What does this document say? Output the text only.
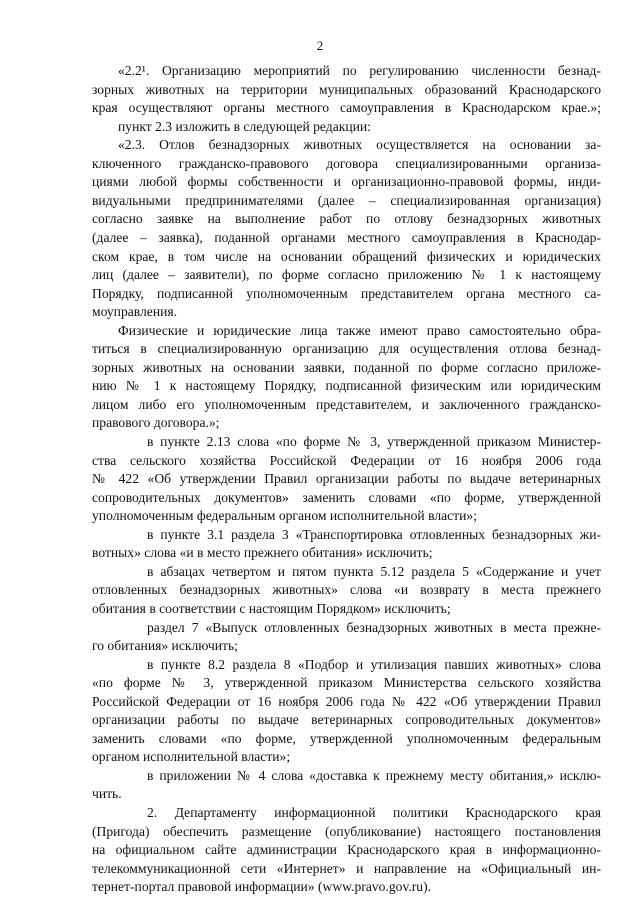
2
«2.2¹. Организацию мероприятий по регулированию численности безнад-
зорных животных на территории муниципальных образований Краснодарского
края осуществляют органы местного самоуправления в Краснодарском крае.»;
пункт 2.3 изложить в следующей редакции:
«2.3. Отлов безнадзорных животных осуществляется на основании за-
ключенного гражданско-правового договора специализированными организа-
циями любой формы собственности и организационно-правовой формы, инди-
видуальными предпринимателями (далее – специализированная организация)
согласно заявке на выполнение работ по отлову безнадзорных животных
(далее – заявка), поданной органами местного самоуправления в Краснодар-
ском крае, в том числе на основании обращений физических и юридических
лиц (далее – заявители), по форме согласно приложению № 1 к настоящему
Порядку, подписанной уполномоченным представителем органа местного са-
моуправления.
Физические и юридические лица также имеют право самостоятельно обра-
титься в специализированную организацию для осуществления отлова безнад-
зорных животных на основании заявки, поданной по форме согласно приложе-
нию № 1 к настоящему Порядку, подписанной физическим или юридическим
лицом либо его уполномоченным представителем, и заключенного гражданско-
правового договора.»;
в пункте 2.13 слова «по форме № 3, утвержденной приказом Министер-
ства сельского хозяйства Российской Федерации от 16 ноября 2006 года
№ 422 «Об утверждении Правил организации работы по выдаче ветеринарных
сопроводительных документов» заменить словами «по форме, утвержденной
уполномоченным федеральным органом исполнительной власти»;
в пункте 3.1 раздела 3 «Транспортировка отловленных безнадзорных жи-
вотных» слова «и в место прежнего обитания» исключить;
в абзацах четвертом и пятом пункта 5.12 раздела 5 «Содержание и учет
отловленных безнадзорных животных» слова «и возврату в места прежнего
обитания в соответствии с настоящим Порядком» исключить;
раздел 7 «Выпуск отловленных безнадзорных животных в места прежне-
го обитания» исключить;
в пункте 8.2 раздела 8 «Подбор и утилизация павших животных» слова
«по форме № 3, утвержденной приказом Министерства сельского хозяйства
Российской Федерации от 16 ноября 2006 года № 422 «Об утверждении Правил
организации работы по выдаче ветеринарных сопроводительных документов»
заменить словами «по форме, утвержденной уполномоченным федеральным
органом исполнительной власти»;
в приложении № 4 слова «доставка к прежнему месту обитания,» исклю-
чить.
2. Департаменту информационной политики Краснодарского края
(Пригода) обеспечить размещение (опубликование) настоящего постановления
на официальном сайте администрации Краснодарского края в информационно-
телекоммуникационной сети «Интернет» и направление на «Официальный ин-
тернет-портал правовой информации» (www.pravo.gov.ru).
